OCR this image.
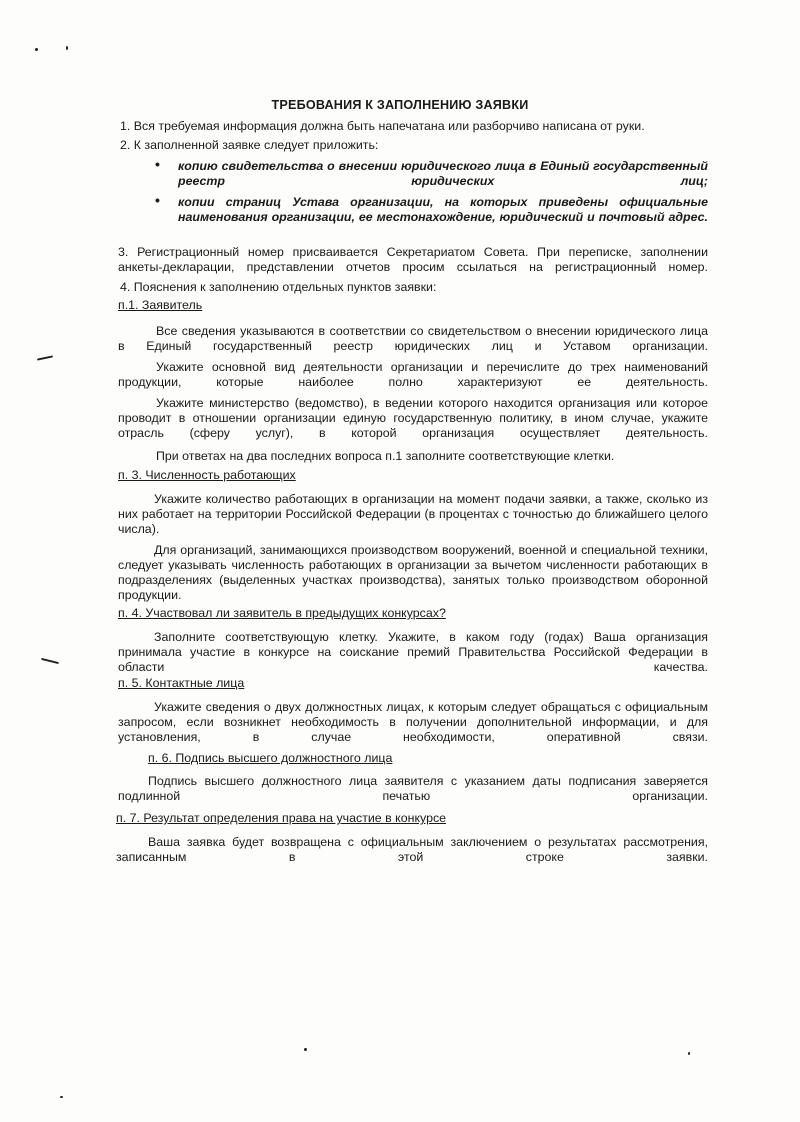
ТРЕБОВАНИЯ К ЗАПОЛНЕНИЮ ЗАЯВКИ
1. Вся требуемая информация должна быть напечатана или разборчиво написана от руки.
2. К заполненной заявке следует приложить:
• копию свидетельства о внесении юридического лица в Единый государственный реестр юридических лиц;
• копии страниц Устава организации, на которых приведены официальные наименования организации, ее местонахождение, юридический и почтовый адрес.
3. Регистрационный номер присваивается Секретариатом Совета. При переписке, заполнении анкеты-декларации, представлении отчетов просим ссылаться на регистрационный номер.
4. Пояснения к заполнению отдельных пунктов заявки:
п.1. Заявитель
Все сведения указываются в соответствии со свидетельством о внесении юридического лица в Единый государственный реестр юридических лиц и Уставом организации.
Укажите основной вид деятельности организации и перечислите до трех наименований продукции, которые наиболее полно характеризуют ее деятельность.
Укажите министерство (ведомство), в ведении которого находится организация или которое проводит в отношении организации единую государственную политику, в ином случае, укажите отрасль (сферу услуг), в которой организация осуществляет деятельность.
При ответах на два последних вопроса п.1 заполните соответствующие клетки.
п. 3. Численность работающих
Укажите количество работающих в организации на момент подачи заявки, а также, сколько из них работает на территории Российской Федерации (в процентах с точностью до ближайшего целого числа).
Для организаций, занимающихся производством вооружений, военной и специальной техники, следует указывать численность работающих в организации за вычетом численности работающих в подразделениях (выделенных участках производства), занятых только производством оборонной продукции.
п. 4. Участвовал ли заявитель в предыдущих конкурсах?
Заполните соответствующую клетку. Укажите, в каком году (годах) Ваша организация принимала участие в конкурсе на соискание премий Правительства Российской Федерации в области качества.
п. 5. Контактные лица
Укажите сведения о двух должностных лицах, к которым следует обращаться с официальным запросом, если возникнет необходимость в получении дополнительной информации, и для установления, в случае необходимости, оперативной связи.
п. 6. Подпись высшего должностного лица
Подпись высшего должностного лица заявителя с указанием даты подписания заверяется подлинной печатью организации.
п. 7. Результат определения права на участие в конкурсе
Ваша заявка будет возвращена с официальным заключением о результатах рассмотрения, записанным в этой строке заявки.
